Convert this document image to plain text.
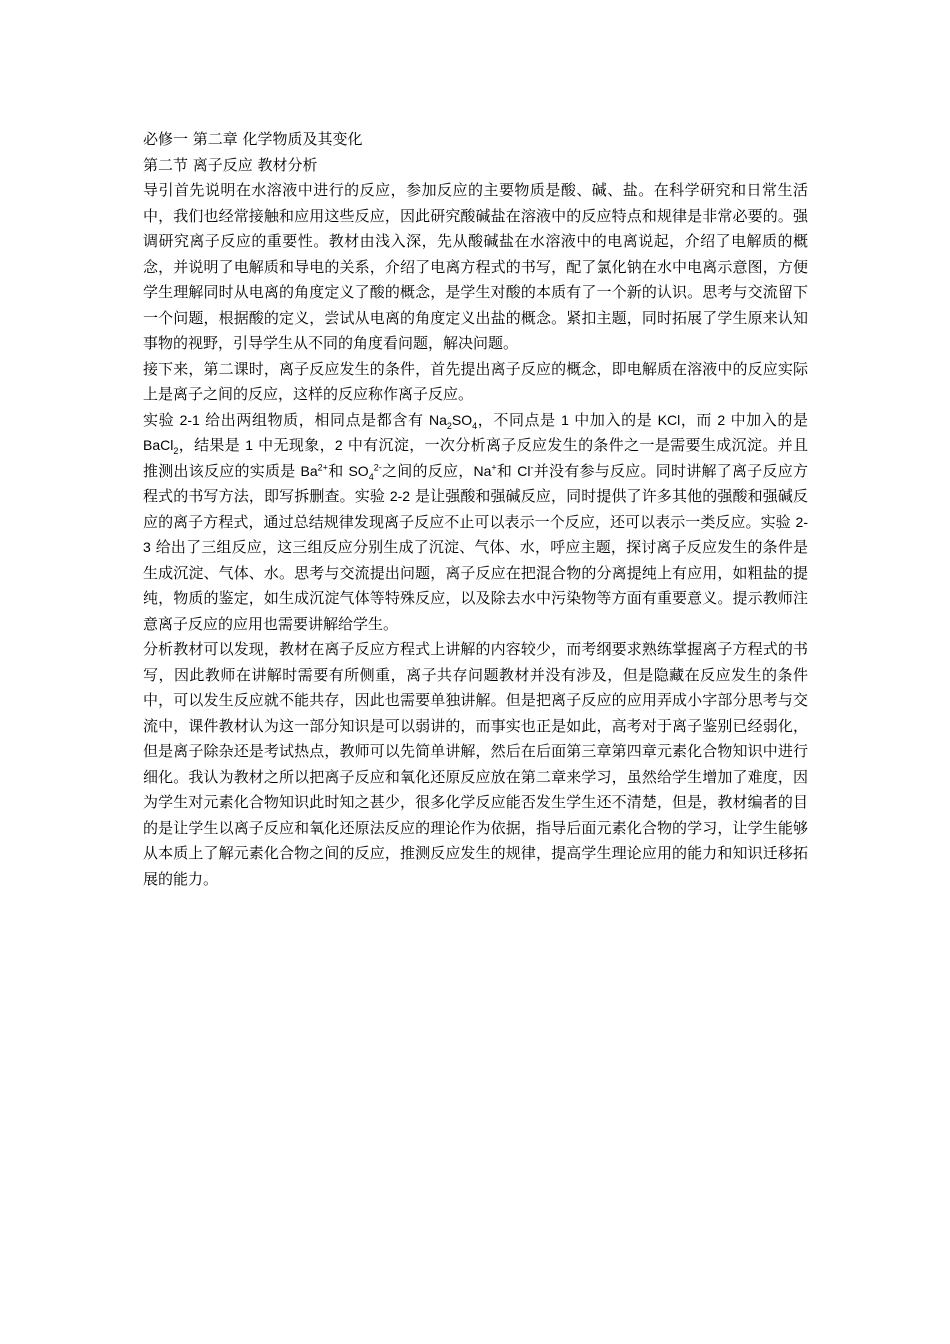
必修一 第二章 化学物质及其变化

第二节 离子反应 教材分析

导引首先说明在水溶液中进行的反应，参加反应的主要物质是酸、碱、盐。在科学研究和日常生活中，我们也经常接触和应用这些反应，因此研究酸碱盐在溶液中的反应特点和规律是非常必要的。强调研究离子反应的重要性。教材由浅入深，先从酸碱盐在水溶液中的电离说起，介绍了电解质的概念，并说明了电解质和导电的关系，介绍了电离方程式的书写，配了氯化钠在水中电离示意图，方便学生理解同时从电离的角度定义了酸的概念，是学生对酸的本质有了一个新的认识。思考与交流留下一个问题，根据酸的定义，尝试从电离的角度定义出盐的概念。紧扣主题，同时拓展了学生原来认知事物的视野，引导学生从不同的角度看问题，解决问题。

接下来，第二课时，离子反应发生的条件，首先提出离子反应的概念，即电解质在溶液中的反应实际上是离子之间的反应，这样的反应称作离子反应。

实验 2-1 给出两组物质，相同点是都含有 $Na_2SO_4$，不同点是 1 中加入的是 KCl，而 2 中加入的是 BaCl$_2$，结果是 1 中无现象，2 中有沉淀，一次分析离子反应发生的条件之一是需要生成沉淀。并且推测出该反应的实质是 $Ba^{2+}$和 $SO_4^{2-}$之间的反应，Na+和 Cl-并没有参与反应。同时讲解了离子反应方程式的书写方法，即写拆删查。实验 2-2 是让强酸和强碱反应，同时提供了许多其他的强酸和强碱反应的离子方程式，通过总结规律发现离子反应不止可以表示一个反应，还可以表示一类反应。实验 2-3 给出了三组反应，这三组反应分别生成了沉淀、气体、水，呼应主题，探讨离子反应发生的条件是生成沉淀、气体、水。思考与交流提出问题，离子反应在把混合物的分离提纯上有应用，如粗盐的提纯，物质的鉴定，如生成沉淀气体等特殊反应，以及除去水中污染物等方面有重要意义。提示教师注意离子反应的应用也需要讲解给学生。

分析教材可以发现，教材在离子反应方程式上讲解的内容较少，而考纲要求熟练掌握离子方程式的书写，因此教师在讲解时需要有所侧重，离子共存问题教材并没有涉及，但是隐藏在反应发生的条件中，可以发生反应就不能共存，因此也需要单独讲解。但是把离子反应的应用弄成小字部分思考与交流中，课件教材认为这一部分知识是可以弱讲的，而事实也正是如此，高考对于离子鉴别已经弱化，但是离子除杂还是考试热点，教师可以先简单讲解，然后在后面第三章第四章元素化合物知识中进行细化。我认为教材之所以把离子反应和氧化还原反应放在第二章来学习，虽然给学生增加了难度，因为学生对元素化合物知识此时知之甚少，很多化学反应能否发生学生还不清楚，但是，教材编者的目的是让学生以离子反应和氧化还原法反应的理论作为依据，指导后面元素化合物的学习，让学生能够从本质上了解元素化合物之间的反应，推测反应发生的规律，提高学生理论应用的能力和知识迁移拓展的能力。
